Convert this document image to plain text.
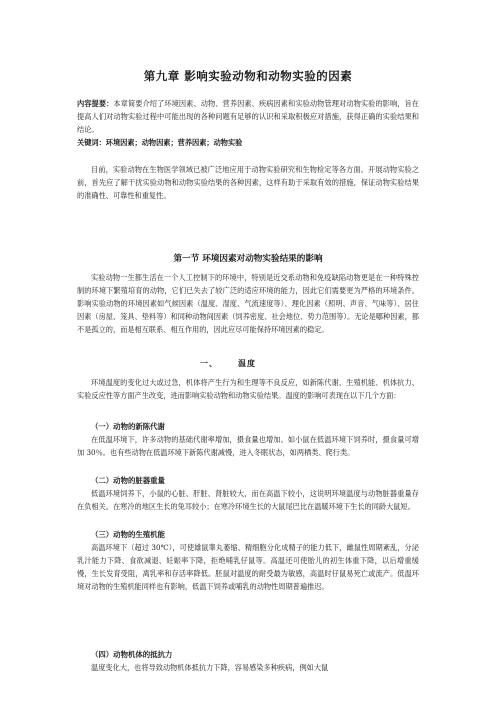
第九章 影响实验动物和动物实验的因素

内容提要：本章简要介绍了环境因素、动物、营养因素、疾病因素和实验动物管理对动物实验的影响，旨在提高人们对动物实验过程中可能出现的各种问题有足够的认识和采取积极应对措施，获得正确的实验结果和结论。

关键词：环境因素；动物因素；营养因素；动物实验

目前，实验动物在生物医学领域已被广泛地应用于动物实验研究和生物检定等各方面。开展动物实验之前，首先应了解干扰实验动物和动物实验结果的各种因素，这样有助于采取有效的措施，保证动物实验结果的准确性、可靠性和重复性。

第一节 环境因素对动物实验结果的影响

实验动物一生都生活在一个人工控制下的环境中，特别是近交系动物和免疫缺陷动物更是在一种特殊控制的环境下繁殖培育的动物，它们已失去了较广泛的适应环境的能力，因此它们需要更为严格的环境条件。影响实验动物的环境因素如气候因素（温度、湿度、气流速度等）、理化因素（照明、声音、气味等）、居住因素（房屋、笼具、垫料等）和同种动物间因素（饲养密度、社会地位、势力范围等）。无论是哪种因素，都不是孤立的，而是相互联系、相互作用的，因此应尽可能保持环境因素的稳定。

一、	温度

环境温度的变化过大或过急，机体将产生行为和生理等不良反应，如新陈代谢、生殖机能、机体抗力、实验反应性等方面产生改变，进而影响实验动物和动物实验结果。温度的影响可表现在以下几个方面：

（一）动物的新陈代谢

在低温环境下，许多动物的基础代谢率增加，摄食量也增加。如小鼠在低温环境下饲养时，摄食量可增加 30％。也有些动物在低温环境下新陈代谢减慢，进入冬眠状态，如两栖类、爬行类。

（二）动物的脏器重量

低温环境饲养下，小鼠的心脏、肝脏、肾脏较大，而在高温下较小，这说明环境温度与动物脏器重量存在负相关。在寒冷的地区生长的兔耳较小；在寒冷环境生长的大鼠尾巴比在温暖环境下生长的同龄大鼠短。

（三）动物的生殖机能

高温环境下（超过 30℃），可使雄鼠睾丸萎缩、精细胞分化成精子的能力低下，雌鼠性周期紊乱，分泌乳汁能力下降、食欲减退、妊娠率下降，拒绝哺乳仔鼠等。高温还可使胎儿的初生体重下降，以后增重缓慢，生长发育受阻，离乳率和存活率降低。胚鼠对温度的耐受最为敏感，高温时仔鼠易死亡或流产。低温环境对动物的生殖机能同样也有影响，低温下饲养或哺乳的动物性周期普遍推迟。

（四）动物机体的抵抗力

温度变化大，也将导致动物机体抵抗力下降，容易感染多种疾病，例如大鼠
